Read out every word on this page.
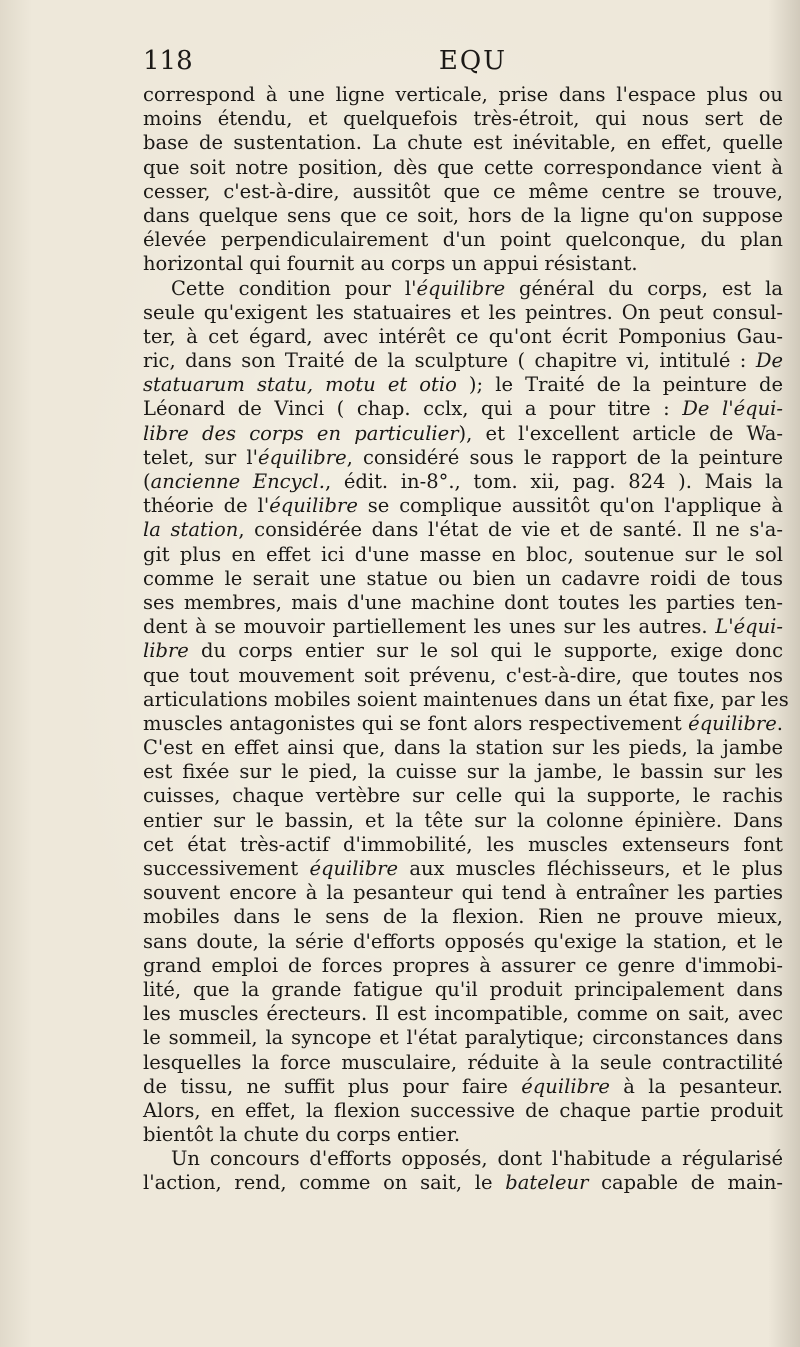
118	EQU
correspond à une ligne verticale, prise dans l'espace plus ou
moins étendu, et quelquefois très-étroit, qui nous sert de
base de sustentation. La chute est inévitable, en effet, quelle
que soit notre position, dès que cette correspondance vient à
cesser, c'est-à-dire, aussitôt que ce même centre se trouve,
dans quelque sens que ce soit, hors de la ligne qu'on suppose
élevée perpendiculairement d'un point quelconque, du plan
horizontal qui fournit au corps un appui résistant.
Cette condition pour l'équilibre général du corps, est la
seule qu'exigent les statuaires et les peintres. On peut consul-
ter, à cet égard, avec intérêt ce qu'ont écrit Pomponius Gau-
ric, dans son Traité de la sculpture ( chapitre vi, intitulé : De
statuarum statu, motu et otio ); le Traité de la peinture de
Léonard de Vinci ( chap. cclx, qui a pour titre : De l'équi-
libre des corps en particulier), et l'excellent article de Wa-
telet, sur l'équilibre, considéré sous le rapport de la peinture
(ancienne Encycl., édit. in-8°., tom. xii, pag. 824 ). Mais la
théorie de l'équilibre se complique aussitôt qu'on l'applique à
la station, considérée dans l'état de vie et de santé. Il ne s'a-
git plus en effet ici d'une masse en bloc, soutenue sur le sol
comme le serait une statue ou bien un cadavre roidi de tous
ses membres, mais d'une machine dont toutes les parties ten-
dent à se mouvoir partiellement les unes sur les autres. L'équi-
libre du corps entier sur le sol qui le supporte, exige donc
que tout mouvement soit prévenu, c'est-à-dire, que toutes nos
articulations mobiles soient maintenues dans un état fixe, par les
muscles antagonistes qui se font alors respectivement équilibre.
C'est en effet ainsi que, dans la station sur les pieds, la jambe
est fixée sur le pied, la cuisse sur la jambe, le bassin sur les
cuisses, chaque vertèbre sur celle qui la supporte, le rachis
entier sur le bassin, et la tête sur la colonne épinière. Dans
cet état très-actif d'immobilité, les muscles extenseurs font
successivement équilibre aux muscles fléchisseurs, et le plus
souvent encore à la pesanteur qui tend à entraîner les parties
mobiles dans le sens de la flexion. Rien ne prouve mieux,
sans doute, la série d'efforts opposés qu'exige la station, et le
grand emploi de forces propres à assurer ce genre d'immobi-
lité, que la grande fatigue qu'il produit principalement dans
les muscles érecteurs. Il est incompatible, comme on sait, avec
le sommeil, la syncope et l'état paralytique; circonstances dans
lesquelles la force musculaire, réduite à la seule contractilité
de tissu, ne suffit plus pour faire équilibre à la pesanteur.
Alors, en effet, la flexion successive de chaque partie produit
bientôt la chute du corps entier.
Un concours d'efforts opposés, dont l'habitude a régularisé
l'action, rend, comme on sait, le bateleur capable de main-
